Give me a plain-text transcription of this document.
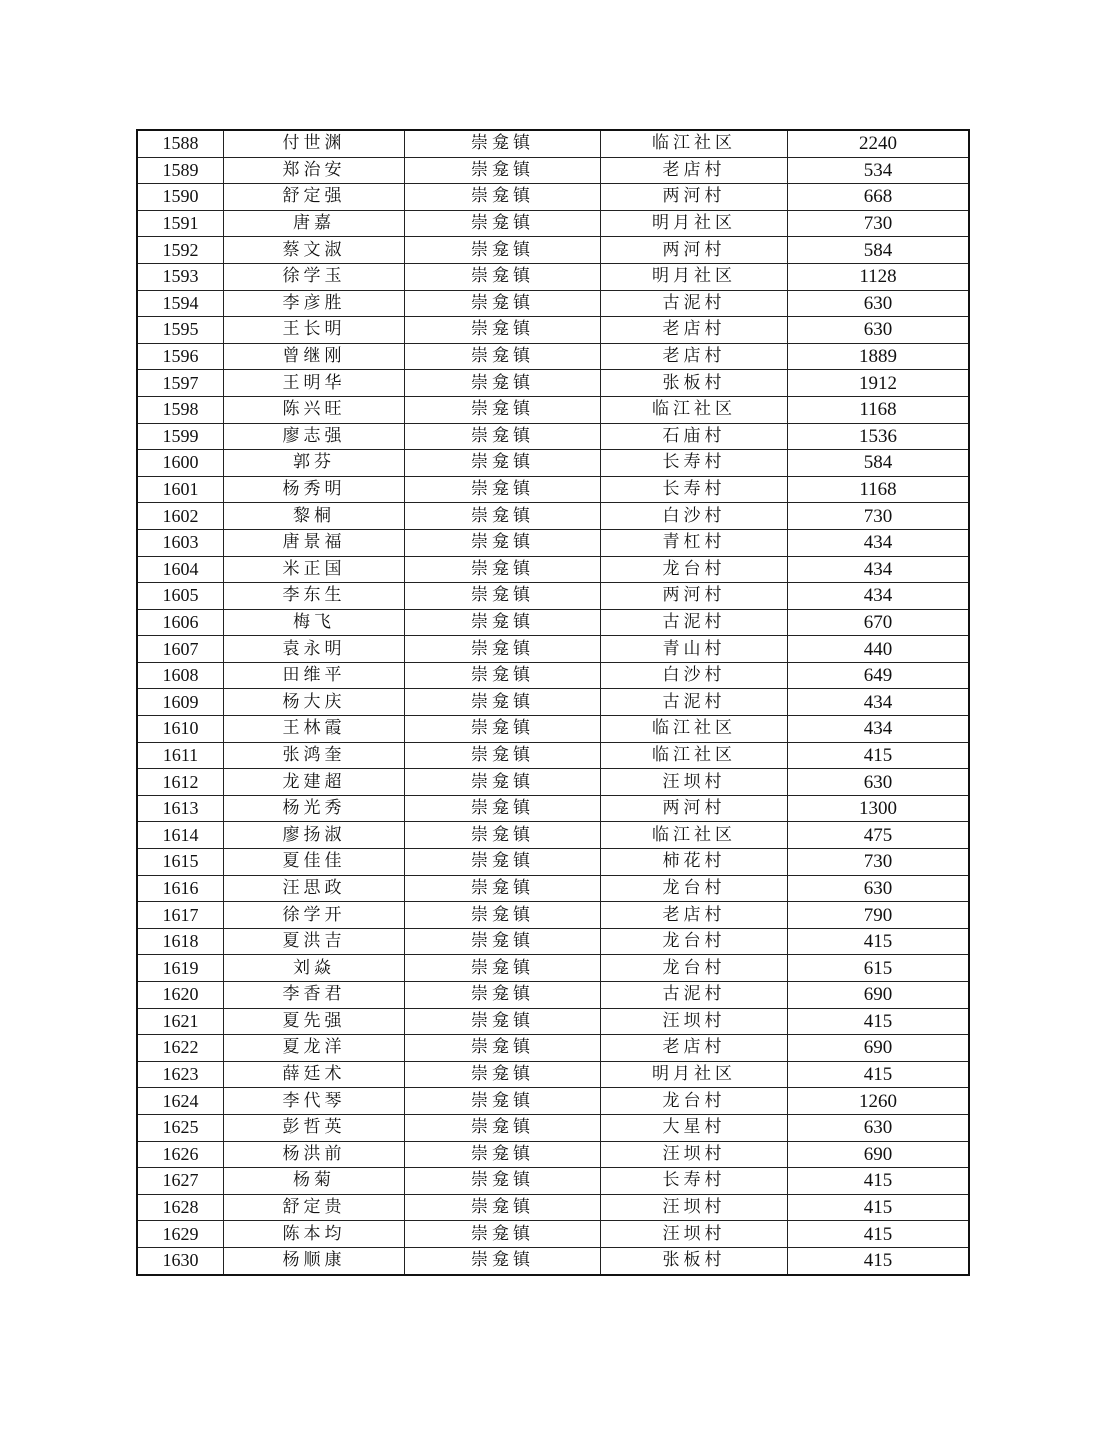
1588	付世渊	崇龛镇	临江社区	2240
1589	郑治安	崇龛镇	老店村	534
1590	舒定强	崇龛镇	两河村	668
1591	唐嘉	崇龛镇	明月社区	730
1592	蔡文淑	崇龛镇	两河村	584
1593	徐学玉	崇龛镇	明月社区	1128
1594	李彦胜	崇龛镇	古泥村	630
1595	王长明	崇龛镇	老店村	630
1596	曾继刚	崇龛镇	老店村	1889
1597	王明华	崇龛镇	张板村	1912
1598	陈兴旺	崇龛镇	临江社区	1168
1599	廖志强	崇龛镇	石庙村	1536
1600	郭芬	崇龛镇	长寿村	584
1601	杨秀明	崇龛镇	长寿村	1168
1602	黎桐	崇龛镇	白沙村	730
1603	唐景福	崇龛镇	青杠村	434
1604	米正国	崇龛镇	龙台村	434
1605	李东生	崇龛镇	两河村	434
1606	梅飞	崇龛镇	古泥村	670
1607	袁永明	崇龛镇	青山村	440
1608	田维平	崇龛镇	白沙村	649
1609	杨大庆	崇龛镇	古泥村	434
1610	王林霞	崇龛镇	临江社区	434
1611	张鸿奎	崇龛镇	临江社区	415
1612	龙建超	崇龛镇	汪坝村	630
1613	杨光秀	崇龛镇	两河村	1300
1614	廖扬淑	崇龛镇	临江社区	475
1615	夏佳佳	崇龛镇	柿花村	730
1616	汪思政	崇龛镇	龙台村	630
1617	徐学开	崇龛镇	老店村	790
1618	夏洪吉	崇龛镇	龙台村	415
1619	刘焱	崇龛镇	龙台村	615
1620	李香君	崇龛镇	古泥村	690
1621	夏先强	崇龛镇	汪坝村	415
1622	夏龙洋	崇龛镇	老店村	690
1623	薛廷术	崇龛镇	明月社区	415
1624	李代琴	崇龛镇	龙台村	1260
1625	彭哲英	崇龛镇	大星村	630
1626	杨洪前	崇龛镇	汪坝村	690
1627	杨菊	崇龛镇	长寿村	415
1628	舒定贵	崇龛镇	汪坝村	415
1629	陈本均	崇龛镇	汪坝村	415
1630	杨顺康	崇龛镇	张板村	415
